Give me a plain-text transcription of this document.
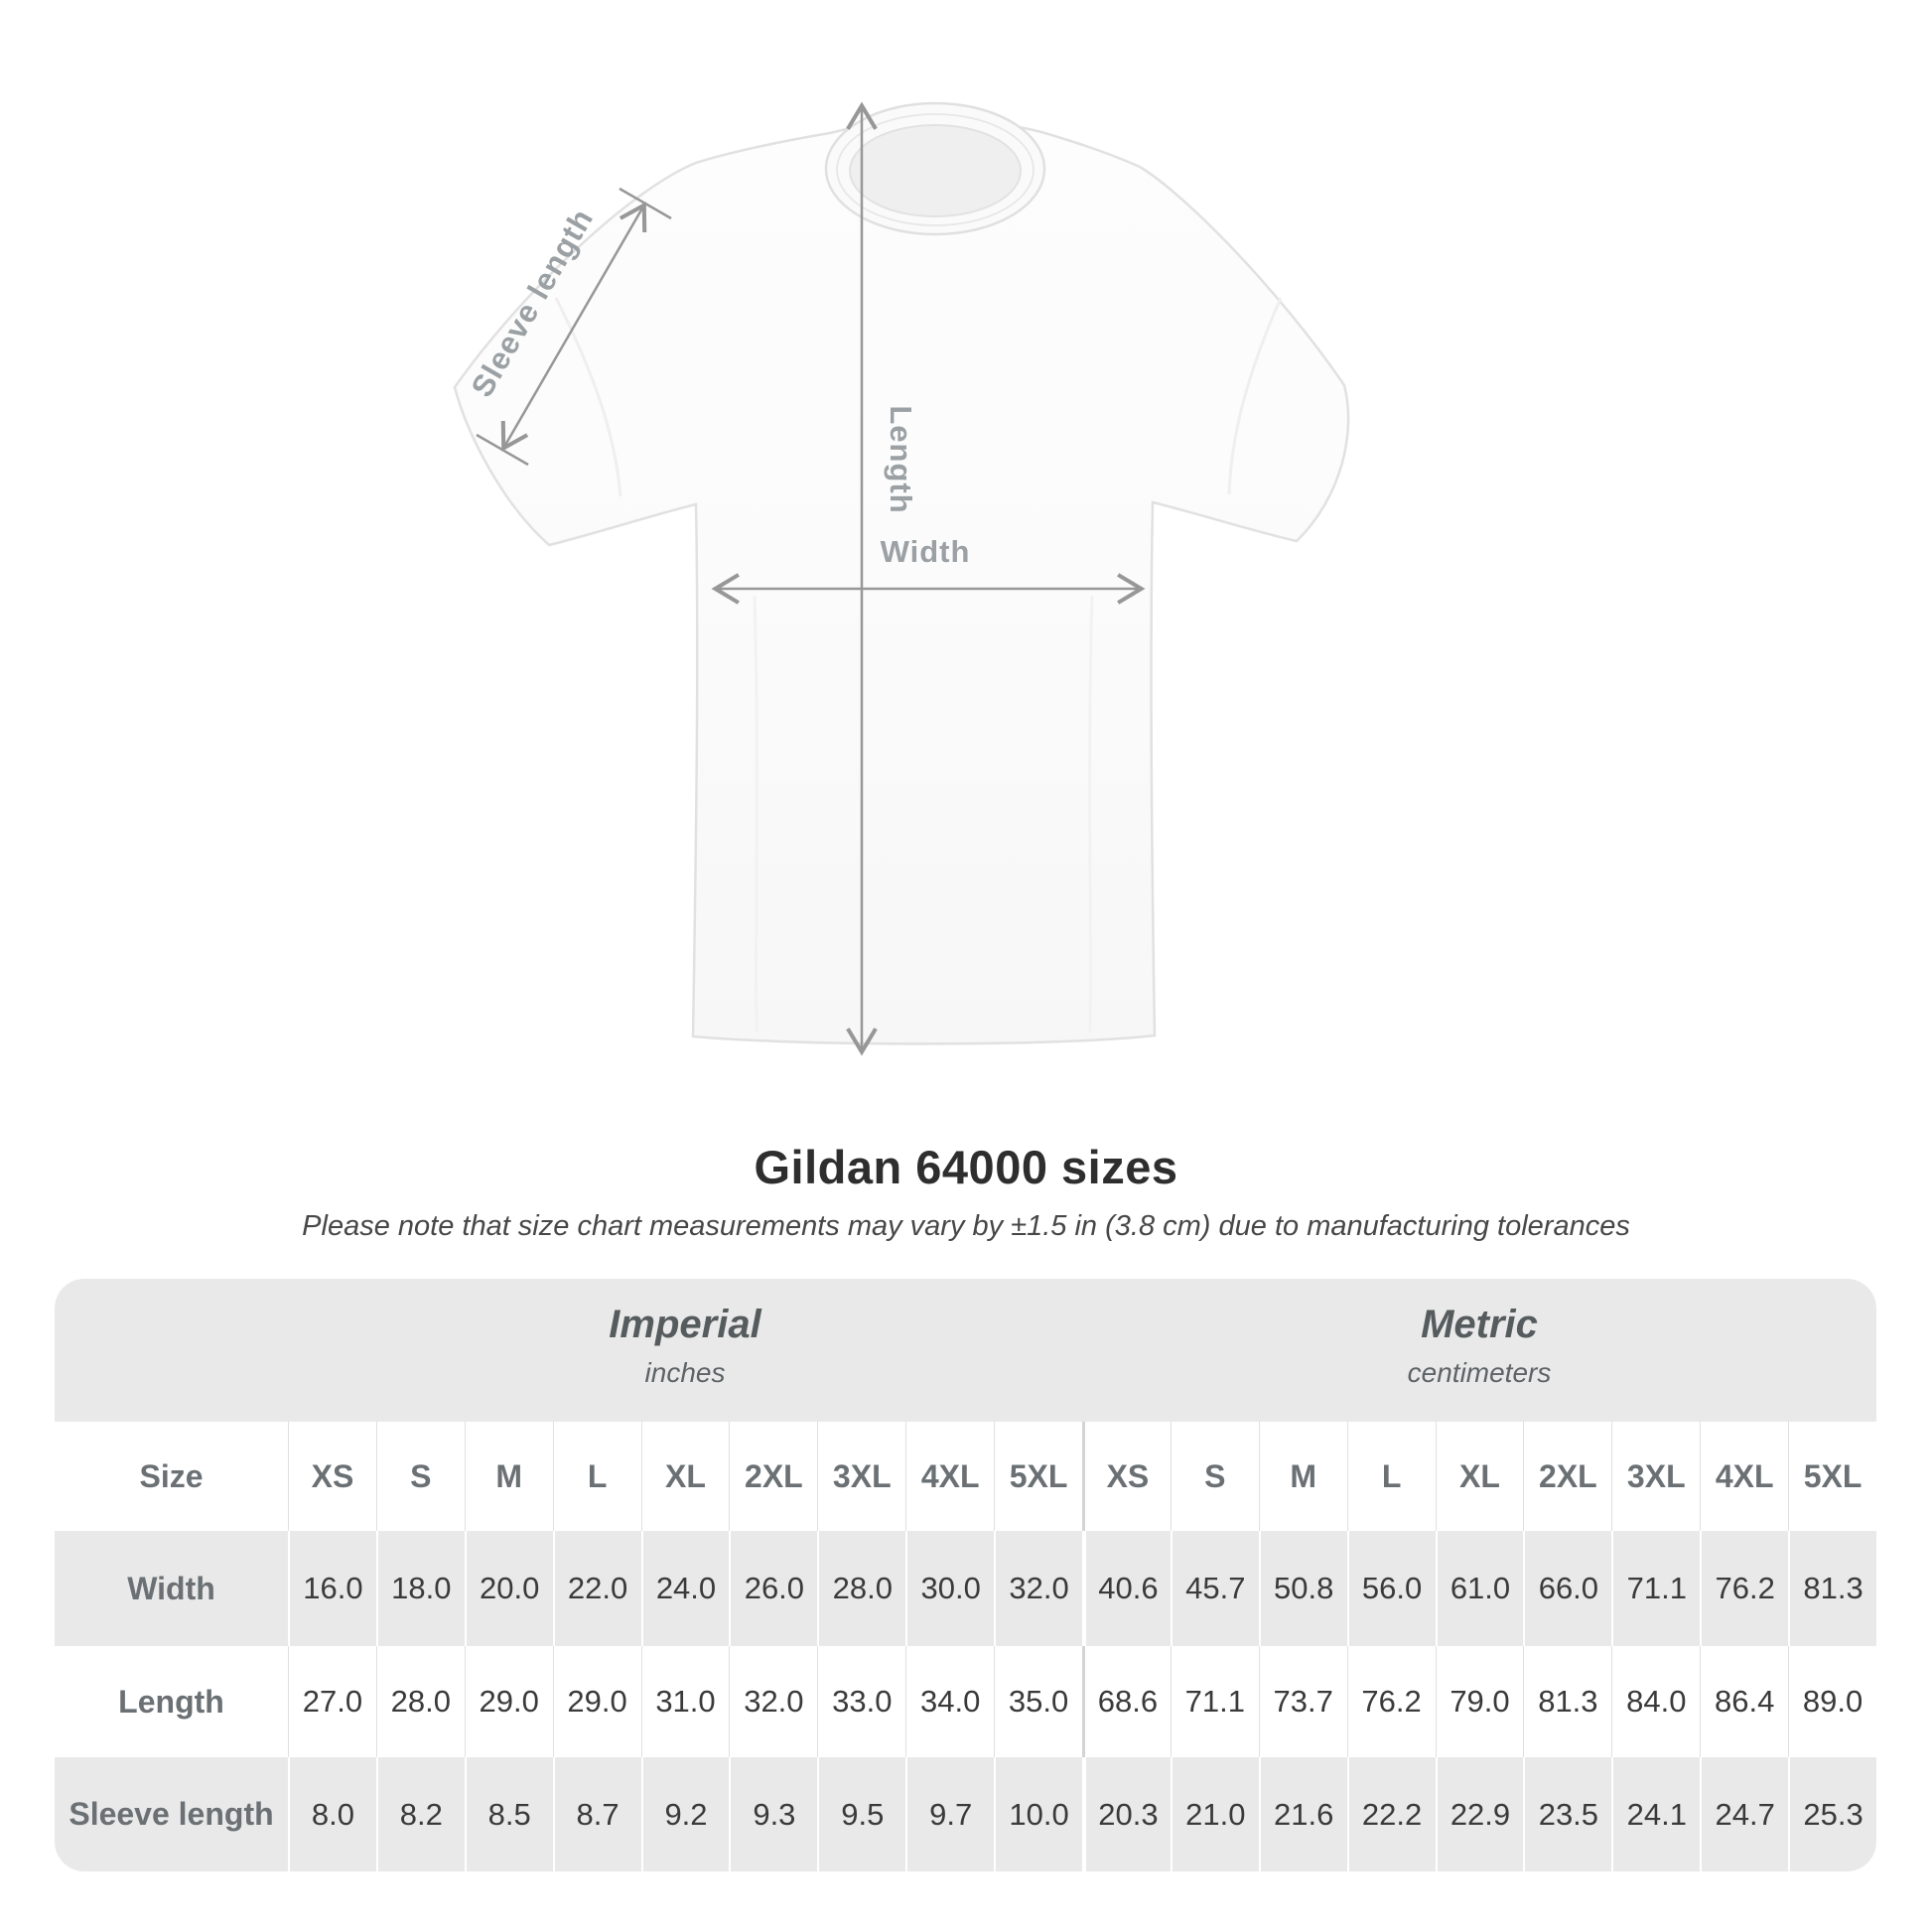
Sleeve length
Length
Width
Gildan 64000 sizes
Please note that size chart measurements may vary by ±1.5 in (3.8 cm) due to manufacturing tolerances
Imperial
inches
Metric
centimeters
Size	XS	S	M	L	XL	2XL 3XL 4XL 5XL	XS	S	M	L	XL	2XL 3XL 4XL 5XL
Width	16.0 18.0 20.0 22.0 24.0 26.0 28.0 30.0 32.0 40.6 45.7 50.8 56.0 61.0 66.0 71.1 76.2 81.3
Length	27.0 28.0 29.0 29.0 31.0 32.0 33.0 34.0 35.0 68.6 71.1 73.7 76.2 79.0 81.3 84.0 86.4 89.0
Sleeve length	8.0	8.2	8.5	8.7	9.2	9.3	9.5	9.7	10.0 20.3 21.0 21.6 22.2 22.9 23.5 24.1 24.7 25.3
